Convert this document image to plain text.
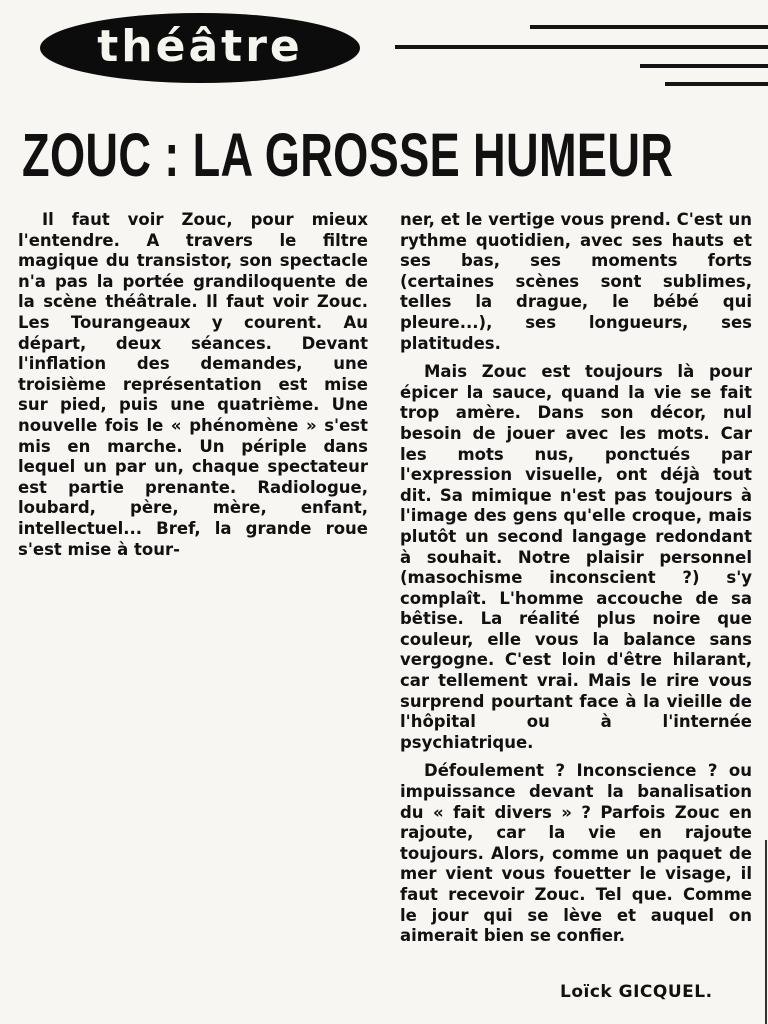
théâtre
ZOUC : LA GROSSE HUMEUR

Il faut voir Zouc, pour mieux l'entendre. A travers le filtre magique du transistor, son spectacle n'a pas la portée grandiloquente de la scène théâtrale. Il faut voir Zouc. Les Tourangeaux y courent. Au départ, deux séances. Devant l'inflation des demandes, une troisième représentation est mise sur pied, puis une quatrième. Une nouvelle fois le « phénomène » s'est mis en marche. Un périple dans lequel un par un, chaque spectateur est partie prenante. Radiologue, loubard, père, mère, enfant, intellectuel... Bref, la grande roue s'est mise à tour-

ner, et le vertige vous prend. C'est un rythme quotidien, avec ses hauts et ses bas, ses moments forts (certaines scènes sont sublimes, telles la drague, le bébé qui pleure...), ses longueurs, ses platitudes.

Mais Zouc est toujours là pour épicer la sauce, quand la vie se fait trop amère. Dans son décor, nul besoin de jouer avec les mots. Car les mots nus, ponctués par l'expression visuelle, ont déjà tout dit. Sa mimique n'est pas toujours à l'image des gens qu'elle croque, mais plutôt un second langage redondant à souhait. Notre plaisir personnel (masochisme inconscient ?) s'y complaît. L'homme accouche de sa bêtise. La réalité plus noire que couleur, elle vous la balance sans vergogne. C'est loin d'être hilarant, car tellement vrai. Mais le rire vous surprend pourtant face à la vieille de l'hôpital ou à l'internée psychiatrique.

Défoulement ? Inconscience ? ou impuissance devant la banalisation du « fait divers » ? Parfois Zouc en rajoute, car la vie en rajoute toujours. Alors, comme un paquet de mer vient vous fouetter le visage, il faut recevoir Zouc. Tel que. Comme le jour qui se lève et auquel on aimerait bien se confier.

Loïck GICQUEL.
